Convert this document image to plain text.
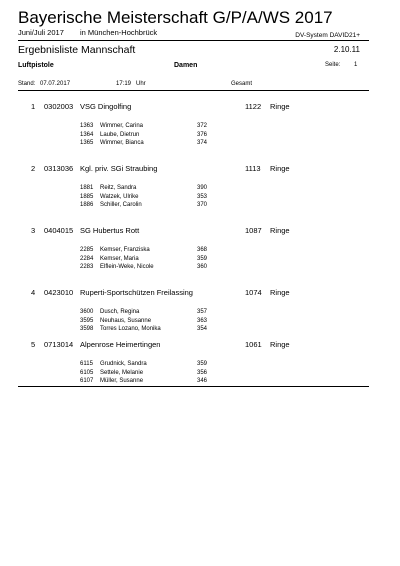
Bayerische Meisterschaft G/P/A/WS 2017
Juni/Juli 2017 in München-Hochbrück	DV-System DAVID21+
Ergebnisliste Mannschaft	2.10.11
Luftpistole	Damen	Seite: 1
Stand: 07.07.2017	17:19 Uhr	Gesamt
1 0302003 VSG Dingolfing	1122 Ringe
1363 Wimmer, Carina	372
1364 Laube, Dietrun	376
1365 Wimmer, Bianca	374
2 0313036 Kgl. priv. SGi Straubing	1113 Ringe
1881 Reitz, Sandra	390
1885 Watzek, Ulrike	353
1886 Schiller, Carolin	370
3 0404015 SG Hubertus Rott	1087 Ringe
2285 Kemser, Franziska	368
2284 Kemser, Maria	359
2283 Elflein-Weke, Nicole	360
4 0423010 Ruperti-Sportschützen Freilassing	1074 Ringe
3600 Dusch, Regina	357
3595 Neuhaus, Susanne	363
3598 Torres Lozano, Monika	354
5 0713014 Alpenrose Heimertingen	1061 Ringe
6115 Grudnick, Sandra	359
6105 Settele, Melanie	356
6107 Müller, Susanne	346
